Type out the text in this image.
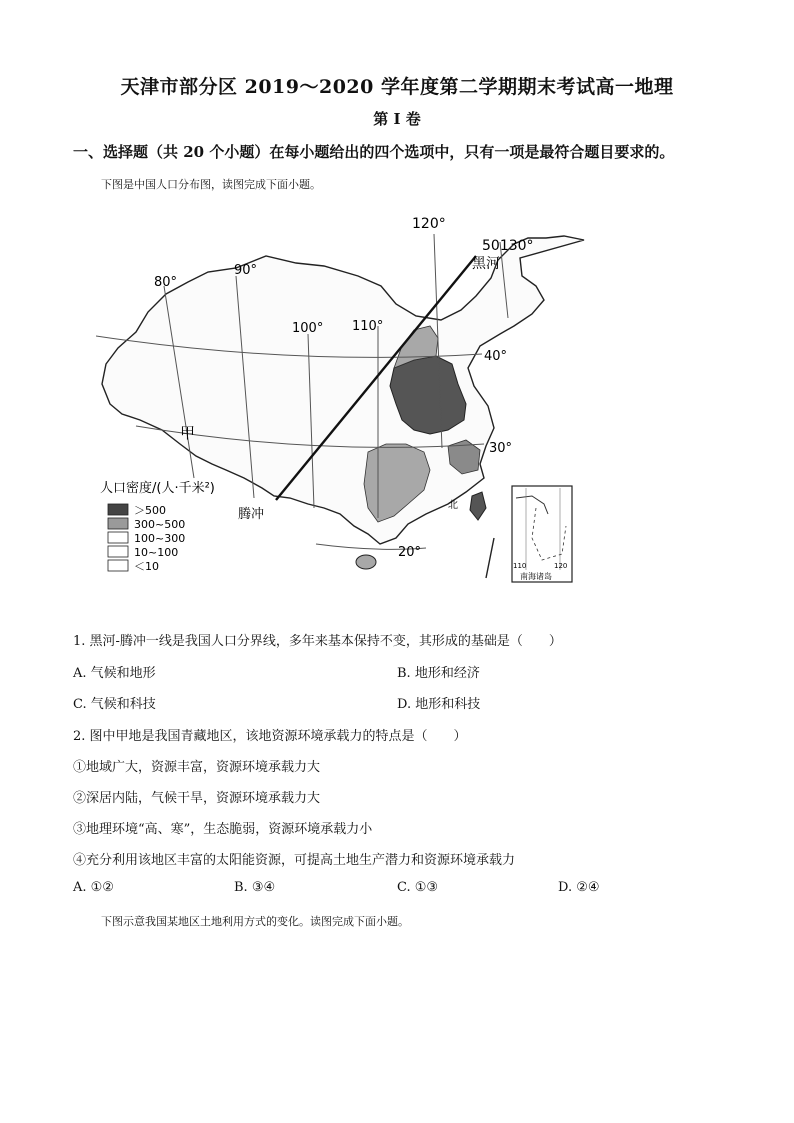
天津市部分区 2019～2020 学年度第二学期期末考试高一地理
第 I 卷
一、选择题（共 20 个小题）在每小题给出的四个选项中，只有一项是最符合题目要求的。
下图是中国人口分布图，读图完成下面小题。
80°
90°
100° 110°
120°
50130°
40°
30°
20°
黑河
腾冲
甲
北
人口密度/(人·千米²)
＞500
300~500
100~300
10~100
＜10	110	120
南海诸岛
1. 黑河-腾冲一线是我国人口分界线，多年来基本保持不变，其形成的基础是（　　）
A. 气候和地形	B. 地形和经济
C. 气候和科技	D. 地形和科技
2. 图中甲地是我国青藏地区，该地资源环境承载力的特点是（　　）
①地域广大，资源丰富，资源环境承载力大
②深居内陆，气候干旱，资源环境承载力大
③地理环境“高、寒”，生态脆弱，资源环境承载力小
④充分利用该地区丰富的太阳能资源，可提高土地生产潜力和资源环境承载力
A. ①②	B. ③④	C. ①③	D. ②④
下图示意我国某地区土地利用方式的变化。读图完成下面小题。
